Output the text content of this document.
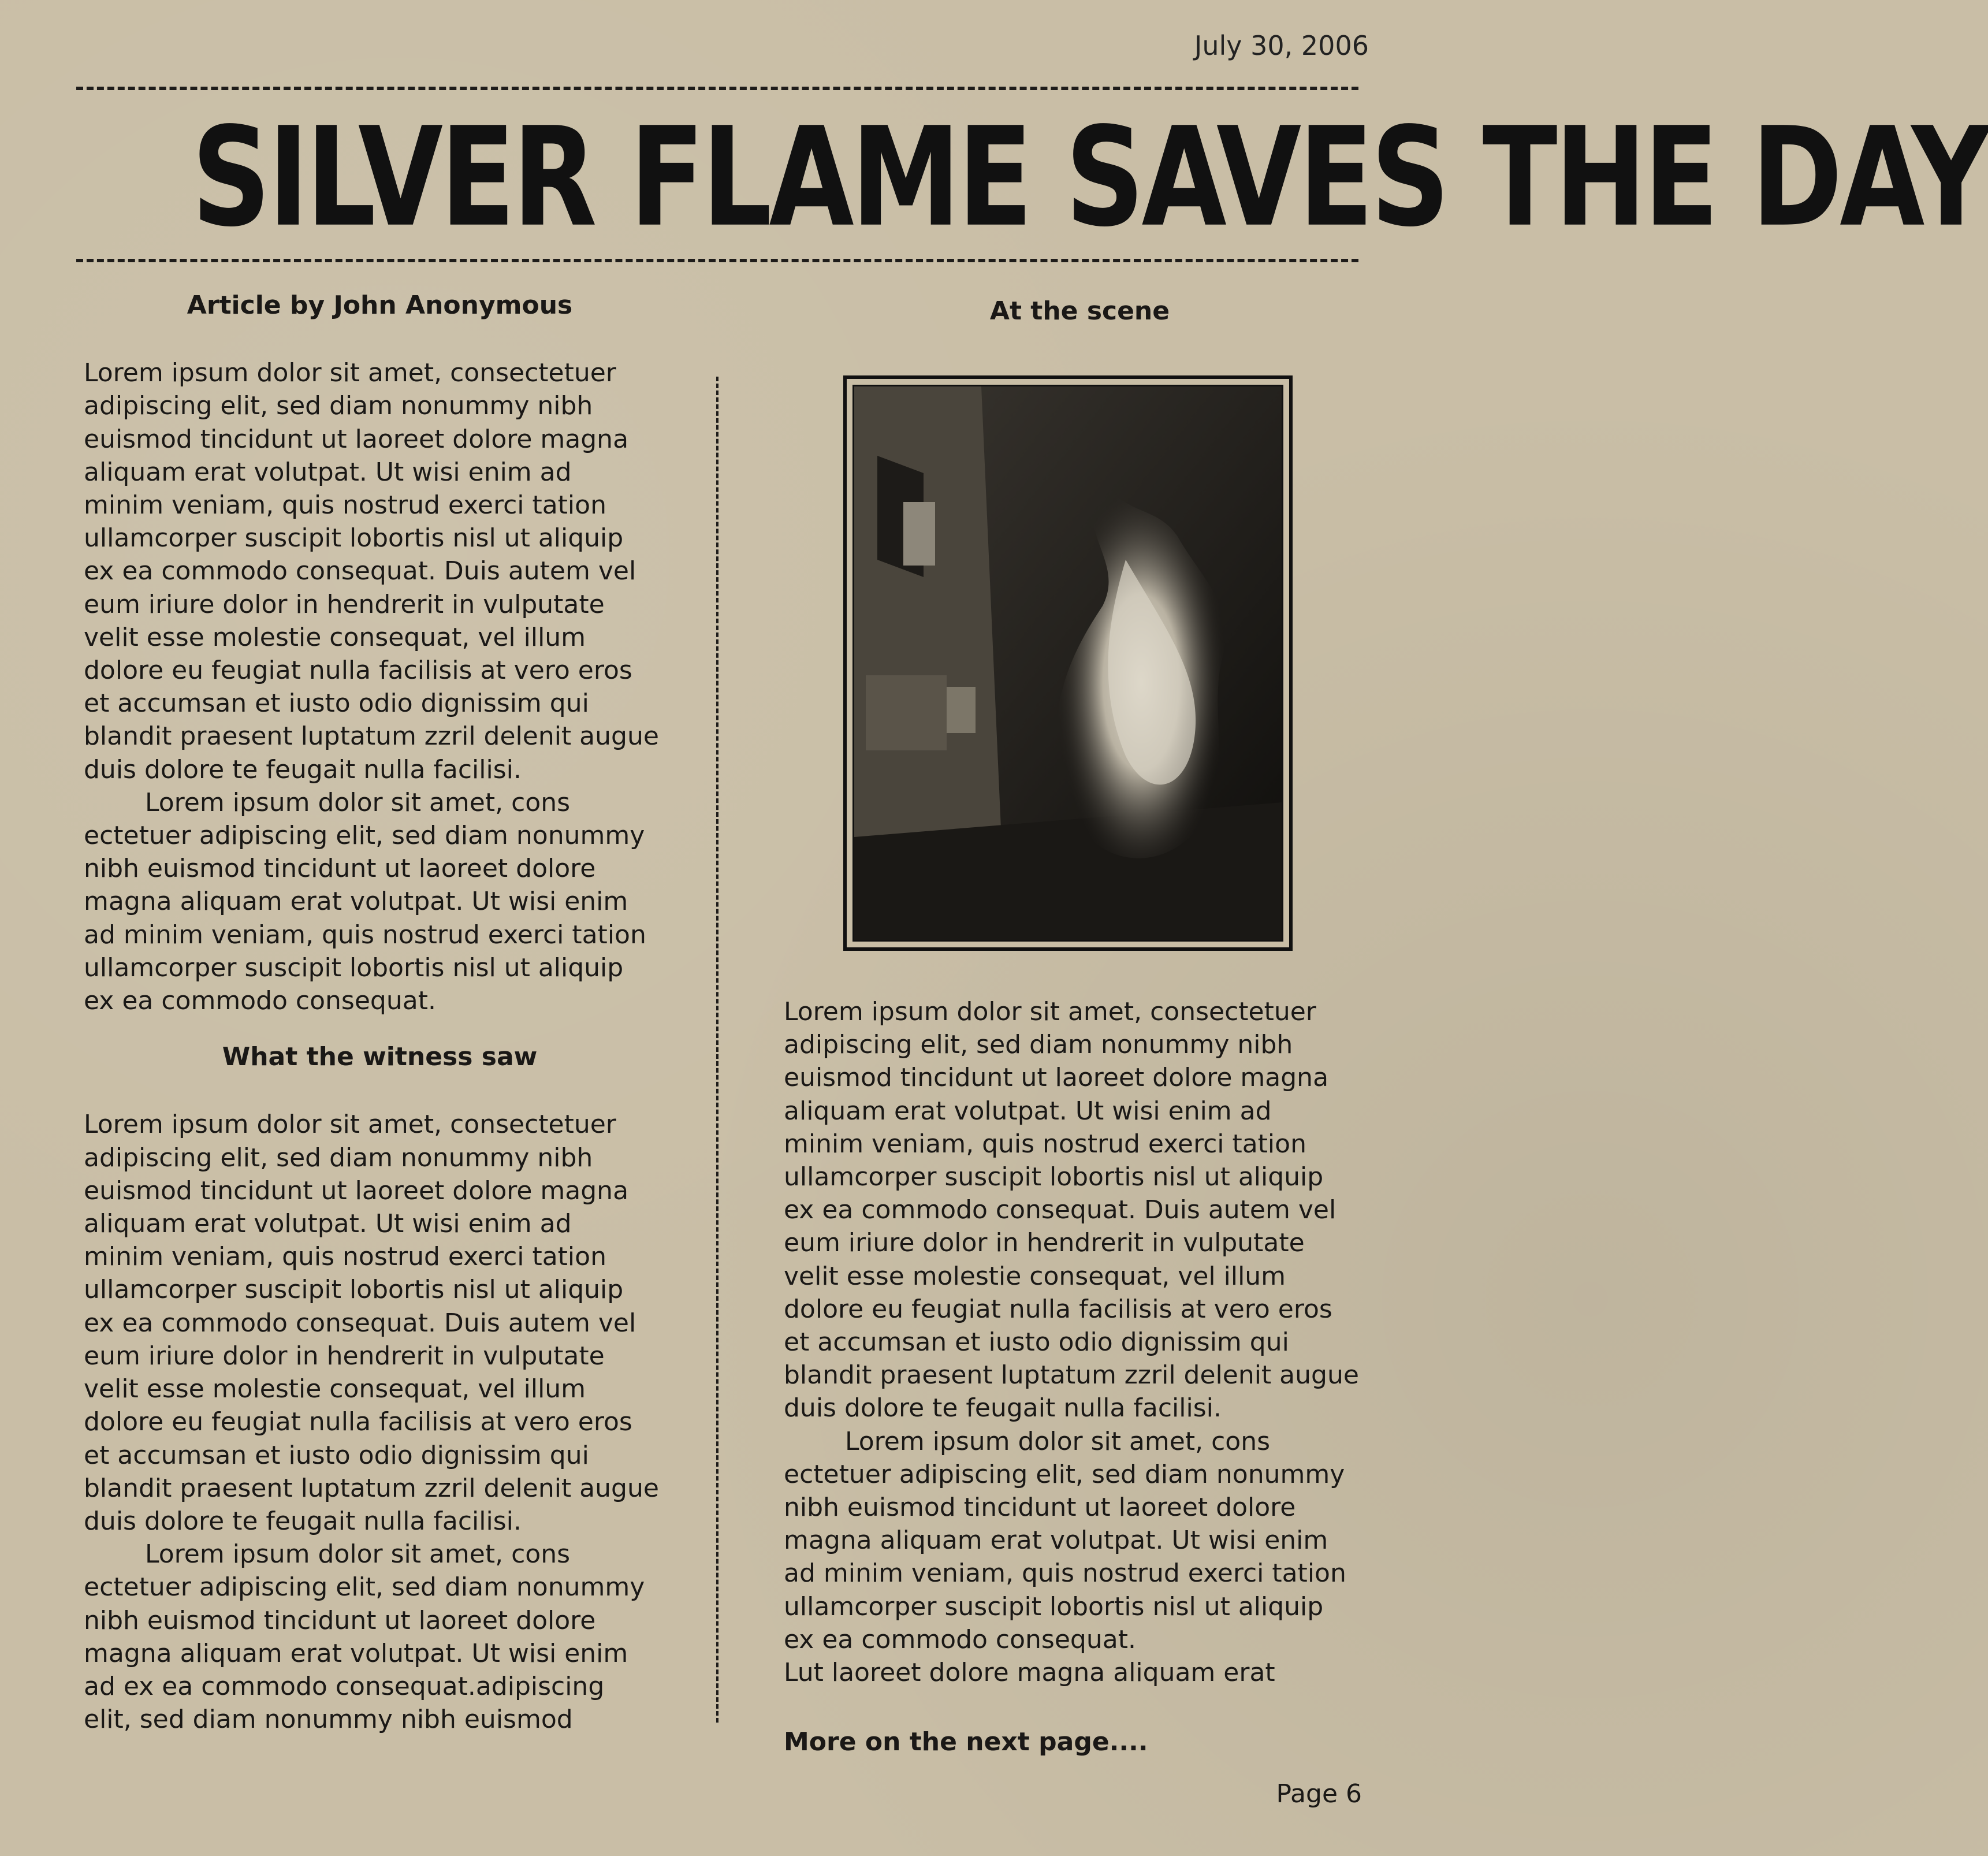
July 30, 2006
SILVER FLAME SAVES THE DAY

Article by John Anonymous

Lorem ipsum dolor sit amet, consectetuer
adipiscing elit, sed diam nonummy nibh
euismod tincidunt ut laoreet dolore magna
aliquam erat volutpat. Ut wisi enim ad
minim veniam, quis nostrud exerci tation
ullamcorper suscipit lobortis nisl ut aliquip
ex ea commodo consequat. Duis autem vel
eum iriure dolor in hendrerit in vulputate
velit esse molestie consequat, vel illum
dolore eu feugiat nulla facilisis at vero eros
et accumsan et iusto odio dignissim qui
blandit praesent luptatum zzril delenit augue
duis dolore te feugait nulla facilisi.
Lorem ipsum dolor sit amet, cons
ectetuer adipiscing elit, sed diam nonummy
nibh euismod tincidunt ut laoreet dolore
magna aliquam erat volutpat. Ut wisi enim
ad minim veniam, quis nostrud exerci tation
ullamcorper suscipit lobortis nisl ut aliquip
ex ea commodo consequat.

What the witness saw

Lorem ipsum dolor sit amet, consectetuer
adipiscing elit, sed diam nonummy nibh
euismod tincidunt ut laoreet dolore magna
aliquam erat volutpat. Ut wisi enim ad
minim veniam, quis nostrud exerci tation
ullamcorper suscipit lobortis nisl ut aliquip
ex ea commodo consequat. Duis autem vel
eum iriure dolor in hendrerit in vulputate
velit esse molestie consequat, vel illum
dolore eu feugiat nulla facilisis at vero eros
et accumsan et iusto odio dignissim qui
blandit praesent luptatum zzril delenit augue
duis dolore te feugait nulla facilisi.
Lorem ipsum dolor sit amet, cons
ectetuer adipiscing elit, sed diam nonummy
nibh euismod tincidunt ut laoreet dolore
magna aliquam erat volutpat. Ut wisi enim
ad ex ea commodo consequat.adipiscing
elit, sed diam nonummy nibh euismod

At the scene

Lorem ipsum dolor sit amet, consectetuer
adipiscing elit, sed diam nonummy nibh
euismod tincidunt ut laoreet dolore magna
aliquam erat volutpat. Ut wisi enim ad
minim veniam, quis nostrud exerci tation
ullamcorper suscipit lobortis nisl ut aliquip
ex ea commodo consequat. Duis autem vel
eum iriure dolor in hendrerit in vulputate
velit esse molestie consequat, vel illum
dolore eu feugiat nulla facilisis at vero eros
et accumsan et iusto odio dignissim qui
blandit praesent luptatum zzril delenit augue
duis dolore te feugait nulla facilisi.
Lorem ipsum dolor sit amet, cons
ectetuer adipiscing elit, sed diam nonummy
nibh euismod tincidunt ut laoreet dolore
magna aliquam erat volutpat. Ut wisi enim
ad minim veniam, quis nostrud exerci tation
ullamcorper suscipit lobortis nisl ut aliquip
ex ea commodo consequat.
Lut laoreet dolore magna aliquam erat
More on the next page....
Page 6
